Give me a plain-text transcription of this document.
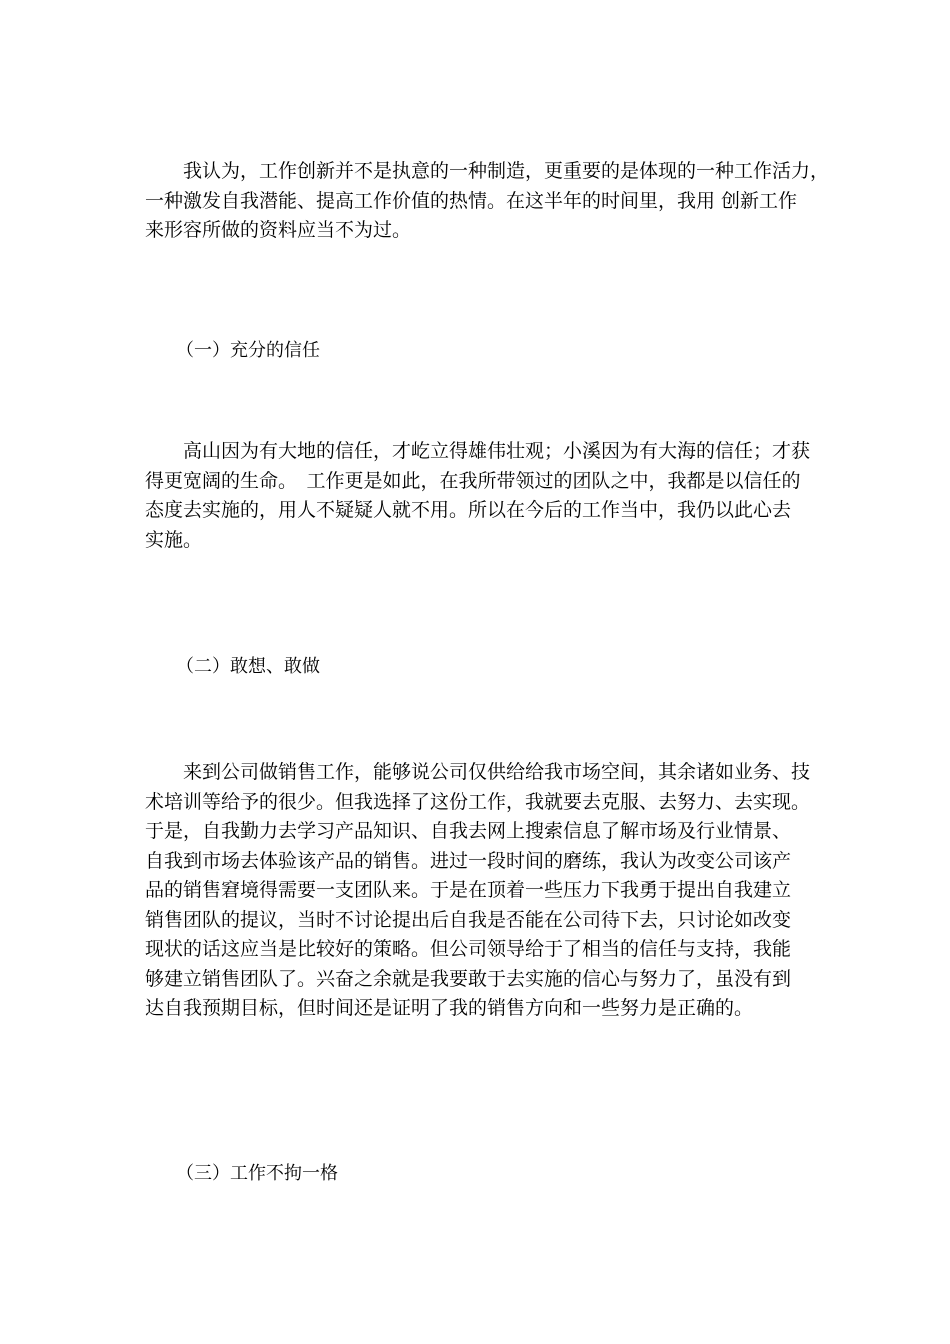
　　我认为，工作创新并不是执意的一种制造，更重要的是体现的一种工作活力，
一种激发自我潜能、提高工作价值的热情。在这半年的时间里，我用 创新工作
来形容所做的资料应当不为过。

（一）充分的信任

　　高山因为有大地的信任，才屹立得雄伟壮观；小溪因为有大海的信任；才获
得更宽阔的生命。　工作更是如此，在我所带领过的团队之中，我都是以信任的
态度去实施的，用人不疑疑人就不用。所以在今后的工作当中，我仍以此心去
实施。

（二）敢想、敢做

　　来到公司做销售工作，能够说公司仅供给给我市场空间，其余诸如业务、技
术培训等给予的很少。但我选择了这份工作，我就要去克服、去努力、去实现。
于是，自我勤力去学习产品知识、自我去网上搜索信息了解市场及行业情景、
自我到市场去体验该产品的销售。进过一段时间的磨练，我认为改变公司该产
品的销售窘境得需要一支团队来。于是在顶着一些压力下我勇于提出自我建立
销售团队的提议，当时不讨论提出后自我是否能在公司待下去，只讨论如改变
现状的话这应当是比较好的策略。但公司领导给于了相当的信任与支持，我能
够建立销售团队了。兴奋之余就是我要敢于去实施的信心与努力了，虽没有到
达自我预期目标，但时间还是证明了我的销售方向和一些努力是正确的。

（三）工作不拘一格
